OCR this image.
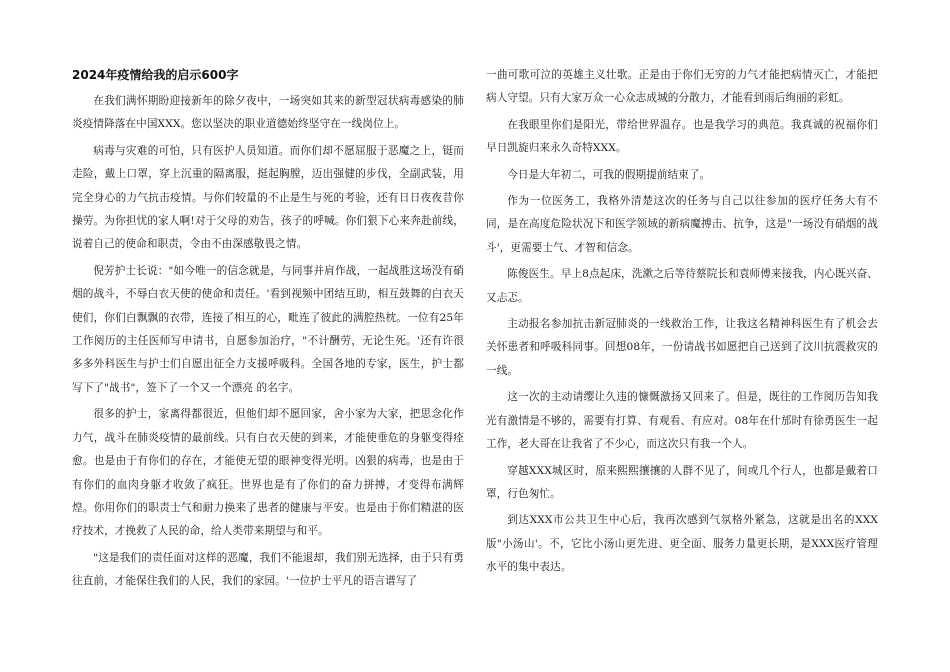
2024年疫情给我的启示600字

在我们满怀期盼迎接新年的除夕夜中，一场突如其来的新型冠状病毒感染的肺炎疫情降落在中国XXX。您以坚决的职业道德始终坚守在一线岗位上。

病毒与灾难的可怕，只有医护人员知道。而你们却不愿屈服于恶魔之上，铤而走险，戴上口罩，穿上沉重的隔离服，挺起胸膛，迈出强健的步伐，全副武装，用完全身心的力气抗击疫情。与你们较量的不止是生与死的考验，还有日日夜夜昔你操劳。为你担忧的家人啊!对于父母的劝告，孩子的呼喊。你们狠下心来奔赴前线，说着自己的使命和职责，令由不由深感敬畏之情。

倪芳护士长说："如今唯一的信念就是，与同事并肩作战，一起战胜这场没有硝烟的战斗，不辱白衣天使的使命和责任。'看到视频中团结互助，相互鼓舞的白衣天使们，你们白飘飘的衣带，连接了相互的心，毗连了彼此的满腔热枕。一位有25年工作阅历的主任医师写申请书，自愿参加治疗，"不计酬劳，无论生死。'还有许很多多外科医生与护士们自愿出征全力支援呼吸科。全国各地的专家，医生，护士都写下了"战书"，签下了一个又一个漂亮 的名字。

很多的护士，家离得都很近，但他们却不愿回家，舍小家为大家，把思念化作力气，战斗在肺炎疫情的最前线。只有白衣天使的到来，才能使垂危的身躯变得痊愈。也是由于有你们的存在，才能使无望的眼神变得光明。凶狠的病毒，也是由于有你们的血肉身躯才收敛了疯狂。世界也是有了你们的奋力拼搏，才变得布满辉煌。你用你们的职责士气和耐力换来了患者的健康与平安。也是由于你们精湛的医疗技术，才挽救了人民的命，给人类带来期望与和平。

"这是我们的责任面对这样的恶魔，我们不能退却，我们别无选择，由于只有勇往直前，才能保住我们的人民，我们的家园。'一位护士平凡的语言谱写了

一曲可歌可泣的英雄主义壮歌。正是由于你们无穷的力气才能把病情灭亡，才能把病人守望。只有大家万众一心众志成城的分散力，才能看到雨后绚丽的彩虹。

在我眼里你们是阳光，带给世界温存。也是我学习的典范。我真诚的祝福你们早日凯旋归来永久奇特XXX。

今日是大年初二，可我的假期提前结束了。

作为一位医务工，我格外清楚这次的任务与自己以往参加的医疗任务大有不同，是在高度危险状况下和医学领域的新病魔搏击、抗争，这是"一场没有硝烟的战斗'，更需要士气、才智和信念。

陈俊医生。早上8点起床，洗漱之后等待蔡院长和袁师傅来接我，内心既兴奋、又忐忑。

主动报名参加抗击新冠肺炎的一线救治工作，让我这名精神科医生有了机会去关怀患者和呼吸科同事。回想08年，一份请战书如愿把自己送到了汶川抗震救灾的一线。

这一次的主动请缨让久违的慷慨激扬又回来了。但是，既往的工作阅历告知我光有激情是不够的，需要有打算、有观看、有应对。08年在什邡时有徐勇医生一起工作，老大哥在让我省了不少心，而这次只有我一个人。

穿越XXX城区时，原来熙熙攘攘的人群不见了，间或几个行人，也都是戴着口罩，行色匆忙。

到达XXX市公共卫生中心后，我再次感到气氛格外紧急，这就是出名的XXX版"小汤山'。不，它比小汤山更先进、更全面、服务力量更长期，是XXX医疗管理水平的集中表达。
